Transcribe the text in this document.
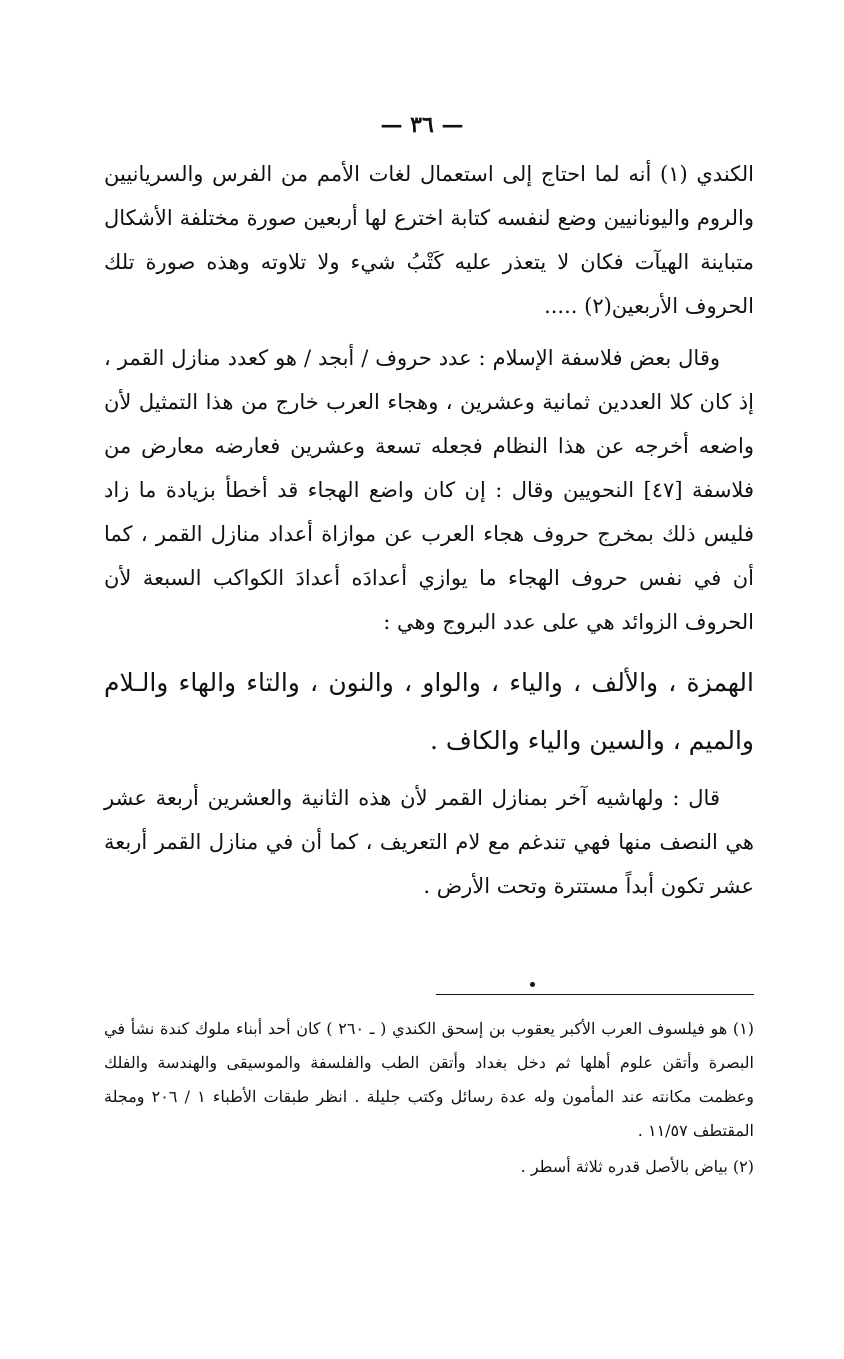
— ٣٦ —

الكندي (١) أنه لما احتاج إلى استعمال لغات الأمم من الفرس والسريانيين والروم واليونانيين وضع لنفسه كتابة اخترع لها أربعين صورة مختلفة الأشكال متباينة الهيآت فكان لا يتعذر عليه كَتْبُ شيء ولا تلاوته وهذه صورة تلك الحروف الأربعين(٢) .....

وقال بعض فلاسفة الإسلام : عدد حروف / أبجد / هو كعدد منازل القمر ، إذ كان كلا العددين ثمانية وعشرين ، وهجاء العرب خارج من هذا التمثيل لأن واضعه أخرجه عن هذا النظام فجعله تسعة وعشرين فعارضه معارض من فلاسفة [٤٧] النحويين وقال : إن كان واضع الهجاء قد أخطأ بزيادة ما زاد فليس ذلك بمخرج حروف هجاء العرب عن موازاة أعداد منازل القمر ، كما أن في نفس حروف الهجاء ما يوازي أعدادَه أعدادَ الكواكب السبعة لأن الحروف الزوائد هي على عدد البروج وهي :

الهمزة ، والألف ، والياء ، والواو ، والنون ، والتاء والهاء والـلام والميم ، والسين والياء والكاف .

قال : ولهاشيه آخر بمنازل القمر لأن هذه الثانية والعشرين أربعة عشر هي النصف منها فهي تندغم مع لام التعريف ، كما أن في منازل القمر أربعة عشر تكون أبداً مستترة وتحت الأرض .

(١) هو فيلسوف العرب الأكبر يعقوب بن إسحق الكندي ( ـ ٢٦٠ ) كان أحد أبناء ملوك كندة نشأ في البصرة وأتقن علوم أهلها ثم دخل بغداد وأتقن الطب والفلسفة والموسيقى والهندسة والفلك وعظمت مكانته عند المأمون وله عدة رسائل وكتب جليلة . انظر طبقات الأطباء ١ / ٢٠٦ ومجلة المقتطف ١١/٥٧ .

(٢) بياض بالأصل قدره ثلاثة أسطر .
